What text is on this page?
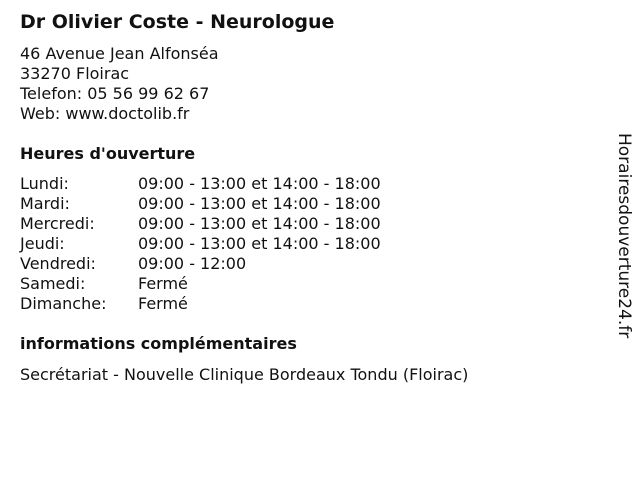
Dr Olivier Coste - Neurologue
46 Avenue Jean Alfonséa
33270 Floirac
Telefon: 05 56 99 62 67
Web: www.doctolib.fr
Heures d'ouverture
Lundi:	09:00 - 13:00 et 14:00 - 18:00
Mardi:	09:00 - 13:00 et 14:00 - 18:00
Mercredi:	09:00 - 13:00 et 14:00 - 18:00
Jeudi:	09:00 - 13:00 et 14:00 - 18:00
Vendredi:	09:00 - 12:00
Samedi:	Fermé
Dimanche:	Fermé
informations complémentaires
Secrétariat - Nouvelle Clinique Bordeaux Tondu (Floirac)
Horairesdouverture24.fr
